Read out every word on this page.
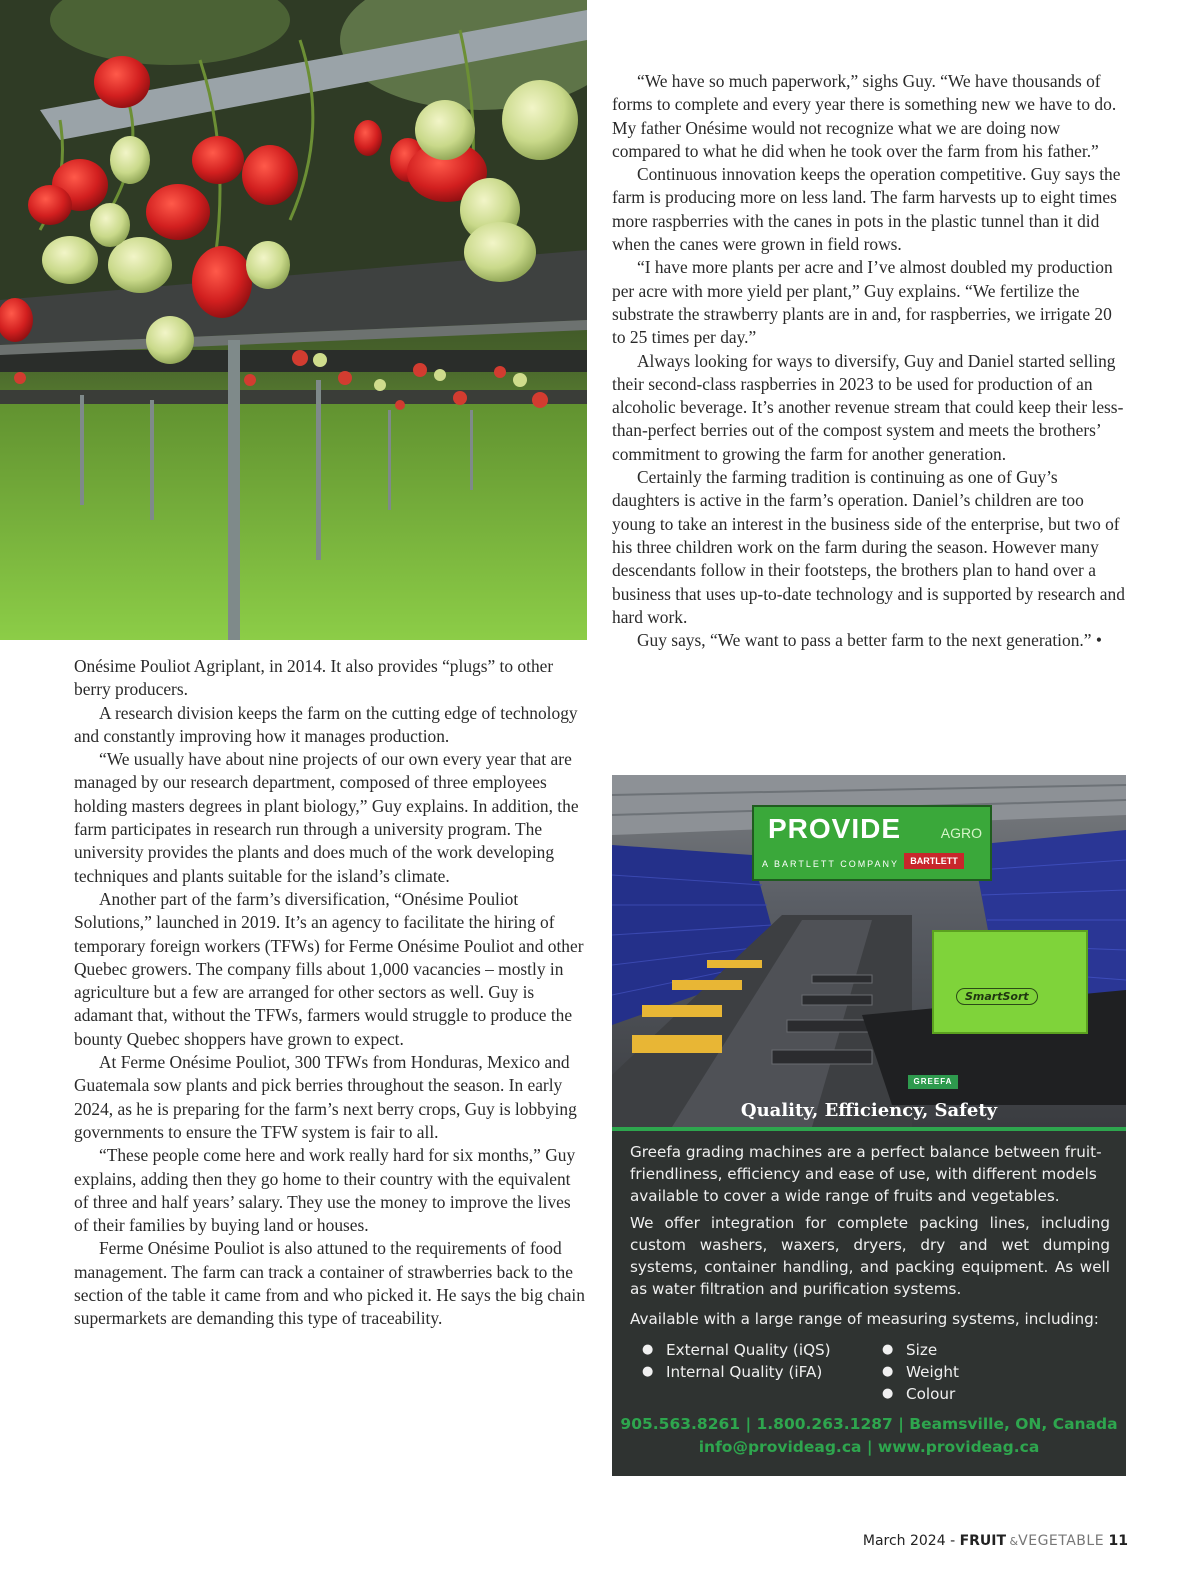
Onésime Pouliot Agriplant, in 2014. It also provides “plugs” to other berry producers.

A research division keeps the farm on the cutting edge of technology and constantly improving how it manages production.

“We usually have about nine projects of our own every year that are managed by our research department, composed of three employees holding masters degrees in plant biology,” Guy explains. In addition, the farm participates in research run through a university program. The university provides the plants and does much of the work developing techniques and plants suitable for the island’s climate.

Another part of the farm’s diversification, “Onésime Pouliot Solutions,” launched in 2019. It’s an agency to facilitate the hiring of temporary foreign workers (TFWs) for Ferme Onésime Pouliot and other Quebec growers. The company fills about 1,000 vacancies – mostly in agriculture but a few are arranged for other sectors as well. Guy is adamant that, without the TFWs, farmers would struggle to produce the bounty Quebec shoppers have grown to expect.

At Ferme Onésime Pouliot, 300 TFWs from Honduras, Mexico and Guatemala sow plants and pick berries throughout the season. In early 2024, as he is preparing for the farm’s next berry crops, Guy is lobbying governments to ensure the TFW system is fair to all.

“These people come here and work really hard for six months,” Guy explains, adding then they go home to their country with the equivalent of three and half years’ salary. They use the money to improve the lives of their families by buying land or houses.

Ferme Onésime Pouliot is also attuned to the requirements of food management. The farm can track a container of strawberries back to the section of the table it came from and who picked it. He says the big chain supermarkets are demanding this type of traceability.

“We have so much paperwork,” sighs Guy. “We have thousands of forms to complete and every year there is something new we have to do. My father Onésime would not recognize what we are doing now compared to what he did when he took over the farm from his father.”

Continuous innovation keeps the operation competitive. Guy says the farm is producing more on less land. The farm harvests up to eight times more raspberries with the canes in pots in the plastic tunnel than it did when the canes were grown in field rows.

“I have more plants per acre and I’ve almost doubled my production per acre with more yield per plant,” Guy explains. “We fertilize the substrate the strawberry plants are in and, for raspberries, we irrigate 20 to 25 times per day.”

Always looking for ways to diversify, Guy and Daniel started selling their second-class raspberries in 2023 to be used for production of an alcoholic beverage. It’s another revenue stream that could keep their less-than-perfect berries out of the compost system and meets the brothers’ commitment to growing the farm for another generation.

Certainly the farming tradition is continuing as one of Guy’s daughters is active in the farm’s operation. Daniel’s children are too young to take an interest in the business side of the enterprise, but two of his three children work on the farm during the season. However many descendants follow in their footsteps, the brothers plan to hand over a business that uses up-to-date technology and is supported by research and hard work.

Guy says, “We want to pass a better farm to the next generation.” •

PROVIDE	AGRO
A BARTLETT COMPANY	BARTLETT
SmartSort
GREEFA
Quality, Efficiency, Safety

Greefa grading machines are a perfect balance between fruit-friendliness, efficiency and ease of use, with different models available to cover a wide range of fruits and vegetables.

We offer integration for complete packing lines, including custom washers, waxers, dryers, dry and wet dumping systems, container handling, and packing equipment. As well as water filtration and purification systems.

Available with a large range of measuring systems, including:

● External Quality (iQS)
● Internal Quality (iFA)
● Size
● Weight
● Colour
905.563.8261 | 1.800.263.1287 | Beamsville, ON, Canada
info@provideag.ca | www.provideag.ca
March 2024 - FRUIT &VEGETABLE 11
